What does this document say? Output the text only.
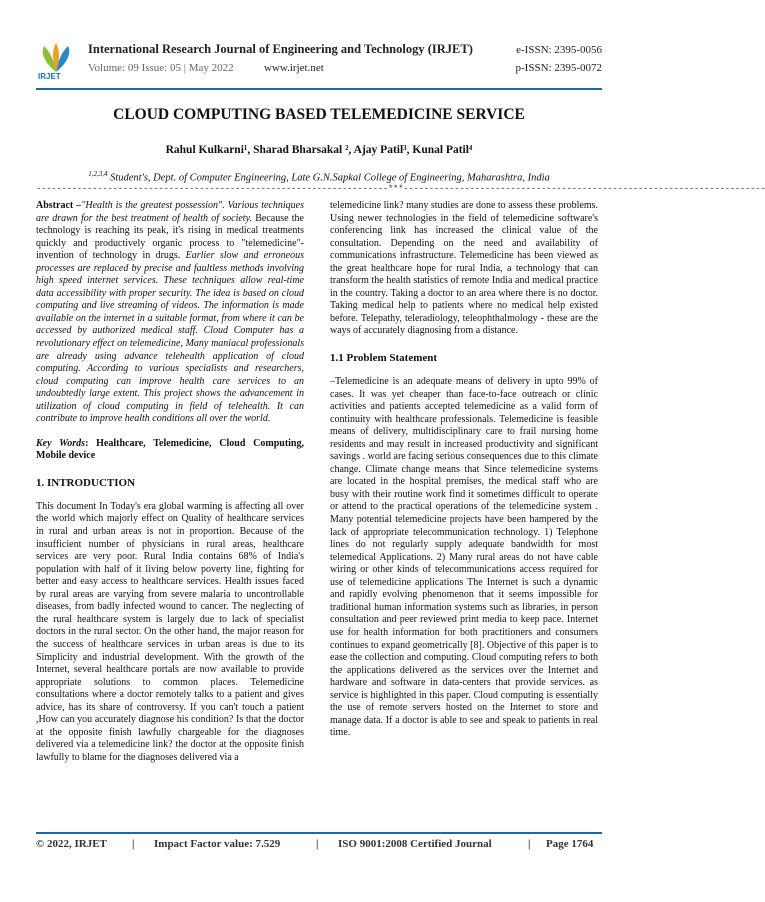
IRJET
International Research Journal of Engineering and Technology (IRJET)	e-ISSN: 2395-0056
Volume: 09 Issue: 05 | May 2022	www.irjet.net	p-ISSN: 2395-0072
CLOUD COMPUTING BASED TELEMEDICINE SERVICE
Rahul Kulkarni¹, Sharad Bharsakal ², Ajay Patil³, Kunal Patil⁴
$^{1,2,3,4}$ Student's, Dept. of Computer Engineering, Late G.N.Sapkal College of Engineering, Maharashtra, India
---------------------------------------------------------------------***-----------------------------------------------------------------------

Abstract –"Health is the greatest possession". Various techniques are drawn for the best treatment of health of society. Because the technology is reaching its peak, it's rising in medical treatments quickly and productively organic process to "telemedicine"-invention of technology in drugs. Earlier slow and erroneous processes are replaced by precise and faultless methods involving high speed internet services. These techniques allow real-time data accessibility with proper security. The idea is based on cloud computing and live streaming of videos. The information is made available on the internet in a suitable format, from where it can be accessed by authorized medical staff. Cloud Computer has a revolutionary effect on telemedicine, Many maniacal professionals are already using advance telehealth application of cloud computing. According to various specialists and researchers, cloud computing can improve health care services to an undoubtedly large extent. This project shows the advancement in utilization of cloud computing in field of telehealth. It can contribute to improve health conditions all over the world.

Key Words: Healthcare, Telemedicine, Cloud Computing, Mobile device

1. INTRODUCTION

This document In Today's era global warming is affecting all over the world which majorly effect on Quality of healthcare services in rural and urban areas is not in proportion. Because of the insufficient number of physicians in rural areas, healthcare services are very poor. Rural India contains 68% of India's population with half of it living below poverty line, fighting for better and easy access to healthcare services. Health issues faced by rural areas are varying from severe malaria to uncontrollable diseases, from badly infected wound to cancer. The neglecting of the rural healthcare system is largely due to lack of specialist doctors in the rural sector. On the other hand, the major reason for the success of healthcare services in urban areas is due to its Simplicity and industrial development. With the growth of the Internet, several healthcare portals are now available to provide appropriate solutions to common places. Telemedicine consultations where a doctor remotely talks to a patient and gives advice, has its share of controversy. If you can't touch a patient ,How can you accurately diagnose his condition? Is that the doctor at the opposite finish lawfully chargeable for the diagnoses delivered via a telemedicine link? the doctor at the opposite finish lawfully to blame for the diagnoses delivered via a

telemedicine link? many studies are done to assess these problems. Using newer technologies in the field of telemedicine software's conferencing link has increased the clinical value of the consultation. Depending on the need and availability of communications infrastructure. Telemedicine has been viewed as the great healthcare hope for rural India, a technology that can transform the health statistics of remote India and medical practice in the country. Taking a doctor to an area where there is no doctor. Taking medical help to patients where no medical help existed before. Telepathy, teleradiology, teleophthalmology - these are the ways of accurately diagnosing from a distance.

1.1 Problem Statement

–Telemedicine is an adequate means of delivery in upto 99% of cases. It was yet cheaper than face-to-face outreach or clinic activities and patients accepted telemedicine as a valid form of continuity with healthcare professionals. Telemedicine is feasible means of delivery, multidisciplinary care to frail nursing home residents and may result in increased productivity and significant savings . world are facing serious consequences due to this climate change. Climate change means that Since telemedicine systems are located in the hospital premises, the medical staff who are busy with their routine work find it sometimes difficult to operate or attend to the practical operations of the telemedicine system . Many potential telemedicine projects have been hampered by the lack of appropriate telecommunication technology. 1) Telephone lines do not regularly supply adequate bandwidth for most telemedical Applications. 2) Many rural areas do not have cable wiring or other kinds of telecommunications access required for use of telemedicine applications The Internet is such a dynamic and rapidly evolving phenomenon that it seems impossible for traditional human information systems such as libraries, in person consultation and peer reviewed print media to keep pace. Internet use for health information for both practitioners and consumers continues to expand geometrically [8]. Objective of this paper is to ease the collection and computing. Cloud computing refers to both the applications delivered as the services over the Internet and hardware and software in data-centers that provide services. as service is highlighted in this paper. Cloud computing is essentially the use of remote servers hosted on the Internet to store and manage data. If a doctor is able to see and speak to patients in real time.

© 2022, IRJET | Impact Factor value: 7.529	| ISO 9001:2008 Certified Journal	| Page 1764
